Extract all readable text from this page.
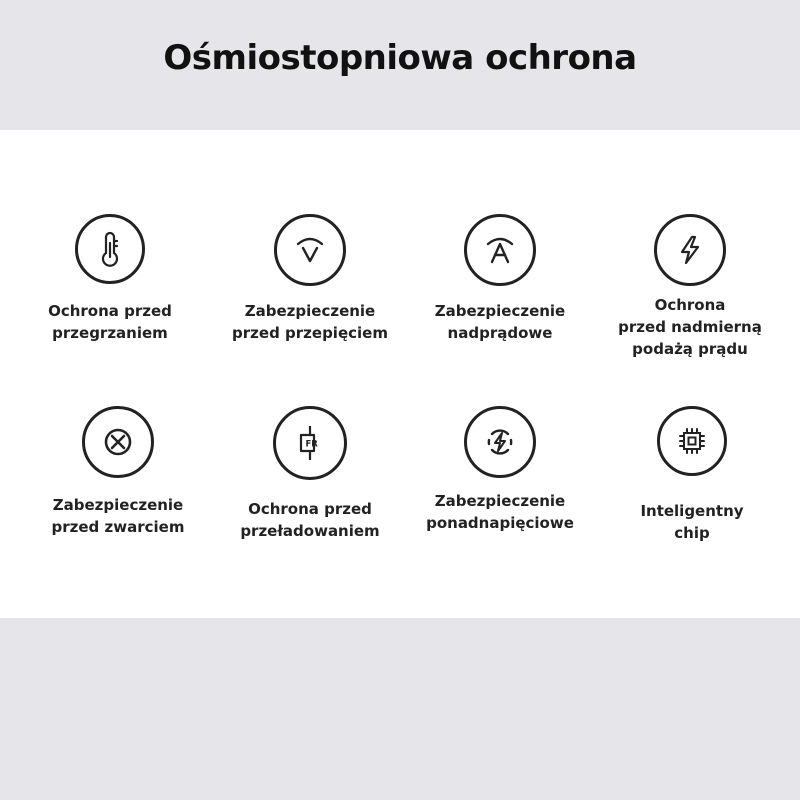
Ośmiostopniowa ochrona
Ochrona przed
przegrzaniem
Zabezpieczenie
przed przepięciem
Zabezpieczenie
nadprądowe
Ochrona
przed nadmierną
podażą prądu
Zabezpieczenie
przed zwarciem
FR
Ochrona przed
przeładowaniem
Zabezpieczenie
ponadnapięciowe
Inteligentny
chip
